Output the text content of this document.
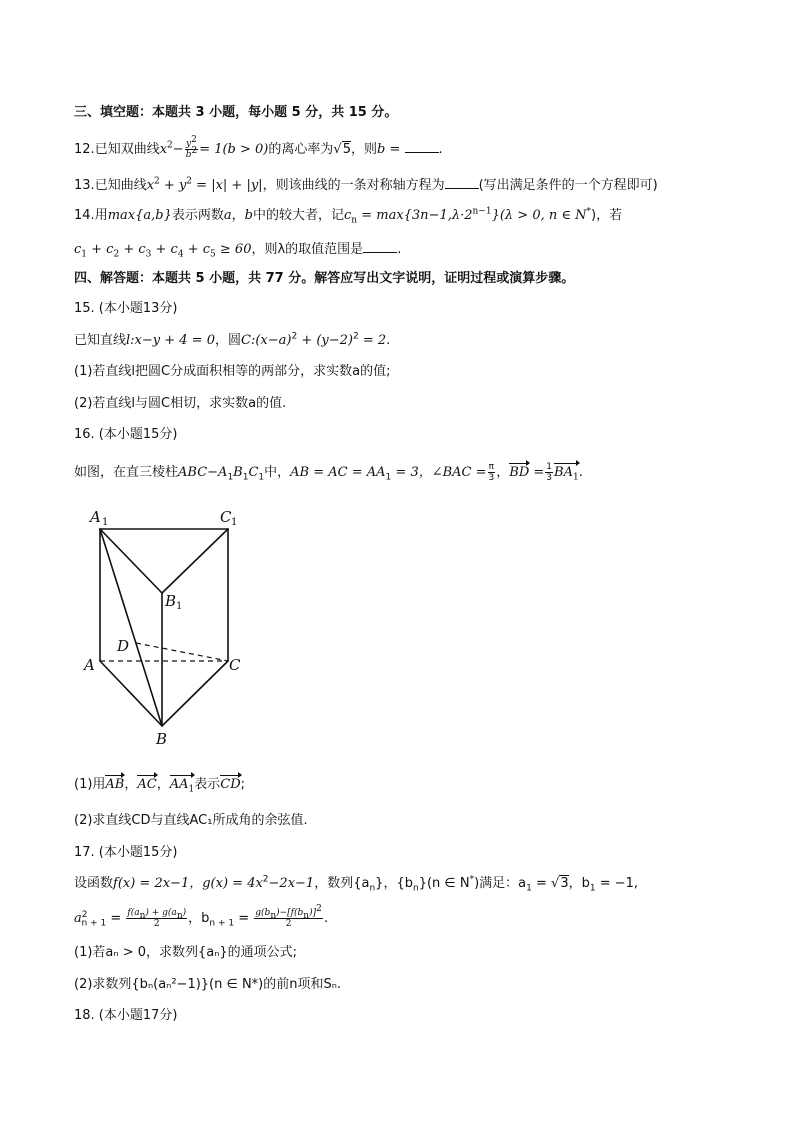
三、填空题：本题共 3 小题，每小题 5 分，共 15 分。
12.已知双曲线$x^2- \frac{y^2}{b^2} = 1(b > 0)$的离心率为√5，则b =	.
13.已知曲线$x^2 + y^2 = |x| + |y|$，则该曲线的一条对称轴方程为	(写出满足条件的一个方程即可)
14.用max{a,b}表示两数a，b中的较大者，记$c_n = \max\{3n-1,\lambda\cdot 2^{n-1}\}(\lambda > 0$, n ∈ N*)，若
$c_1 + c_2 + c_3 + c_4 + c_5 \ge 60$，则λ的取值范围是	.
四、解答题：本题共 5 小题，共 77 分。解答应写出文字说明，证明过程或演算步骤。
15. (本小题13分)
已知直线l:x−y + 4 = 0，圆$C:(x-a)^2 + (y-2)^2 = 2$.
(1)若直线l把圆C分成面积相等的两部分，求实数a的值;
(2)若直线l与圆C相切，求实数a的值.
16. (本小题15分)
如图，在直三棱柱$ABC-A_1B_1C_1$中，AB = AC = $AA_1 = 3$，∠BAC = $\frac{\pi}{3}$ ，BD = $\frac{1}{3} BA_1$.
A 1	C 1
B 1
D
A	C
B
(1)用AB，AC，$AA_1$表示CD;
(2)求直线CD与直线AC₁所成角的余弦值.
17. (本小题15分)
设函数f(x) = 2x−1，$g(x) = 4x^2-2x-1$，数列$\{a_n\}$，$\{b_n\}(n$ ∈ N*)满足：$a_1 = √3$，$b_1 = -1$,
$a^2_{n + 1} = \frac{f(a_n) + g(a_n)}{2}$ ，$b_{n + 1} = \frac{g(b_n)-[f(b_n)]^2}{2}$ .
(1)若aₙ > 0，求数列{aₙ}的通项公式;
(2)求数列{bₙ(aₙ²−1)}(n ∈ N*)的前n项和Sₙ.
18. (本小题17分)
